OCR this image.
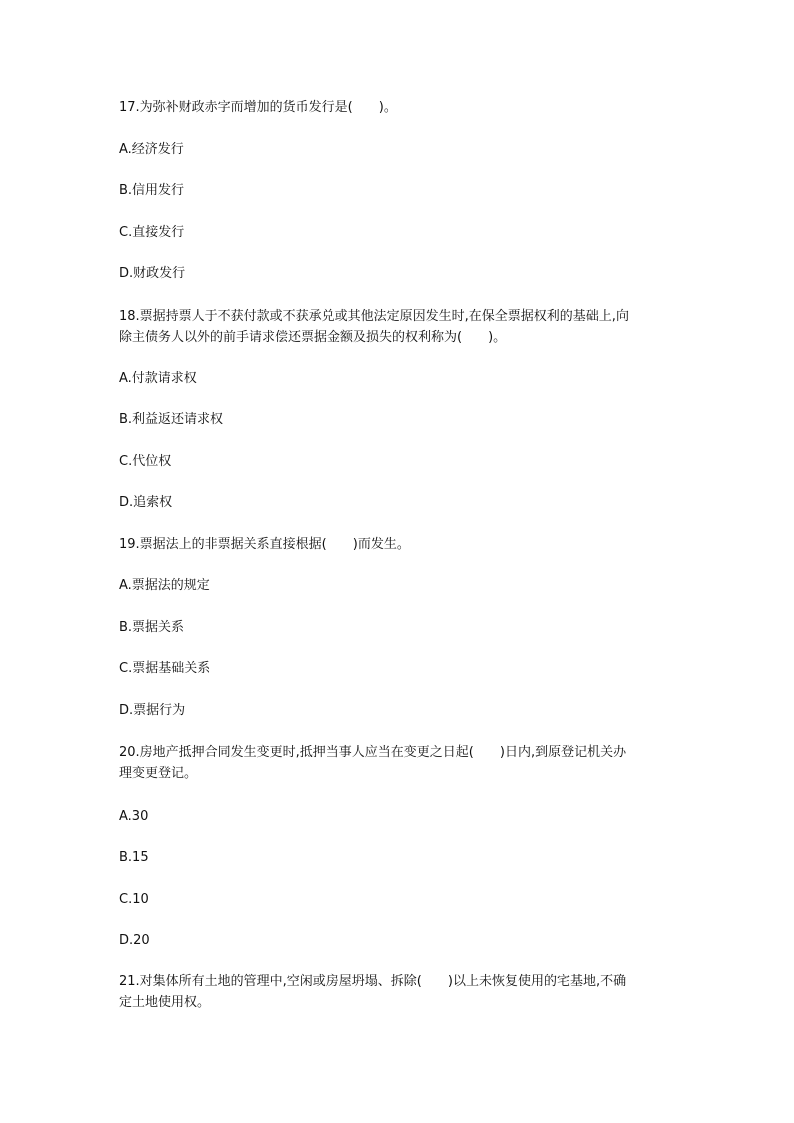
17.为弥补财政赤字而增加的货币发行是(　　)。
A.经济发行
B.信用发行
C.直接发行
D.财政发行
18.票据持票人于不获付款或不获承兑或其他法定原因发生时,在保全票据权利的基础上,向
除主债务人以外的前手请求偿还票据金额及损失的权利称为(　　)。
A.付款请求权
B.利益返还请求权
C.代位权
D.追索权
19.票据法上的非票据关系直接根据(　　)而发生。
A.票据法的规定
B.票据关系
C.票据基础关系
D.票据行为
20.房地产抵押合同发生变更时,抵押当事人应当在变更之日起(　　)日内,到原登记机关办
理变更登记。
A.30
B.15
C.10
D.20
21.对集体所有土地的管理中,空闲或房屋坍塌、拆除(　　)以上未恢复使用的宅基地,不确
定土地使用权。
